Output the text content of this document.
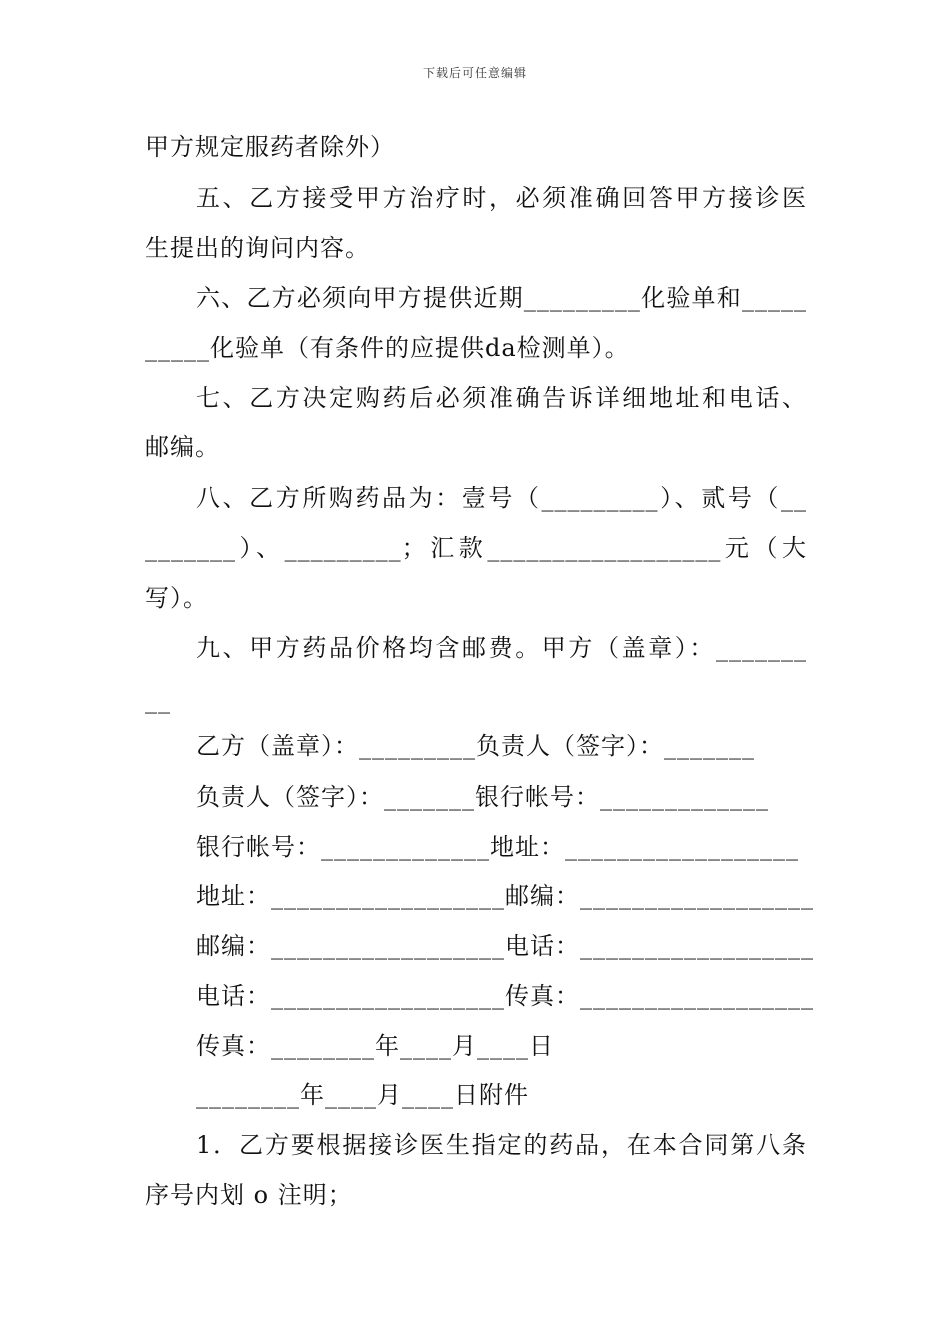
下载后可任意编辑
甲方规定服药者除外）
五、乙方接受甲方治疗时，必须准确回答甲方接诊医
生提出的询问内容。
六、乙方必须向甲方提供近期_________化验单和_____
_____化验单（有条件的应提供da检测单）。
七、乙方决定购药后必须准确告诉详细地址和电话、
邮编。
八、乙方所购药品为：壹号（_________）、贰号（__
_______）、_________；汇款__________________元（大
写）。
九、甲方药品价格均含邮费。甲方（盖章）：_______
__
乙方（盖章）：_________负责人（签字）：_______
负责人（签字）：_______银行帐号：_____________
银行帐号：_____________地址：__________________
地址：__________________邮编：__________________
邮编：__________________电话：__________________
电话：__________________传真：__________________
传真：________年____月____日
________年____月____日附件
1．乙方要根据接诊医生指定的药品，在本合同第八条
序号内划 o 注明；
